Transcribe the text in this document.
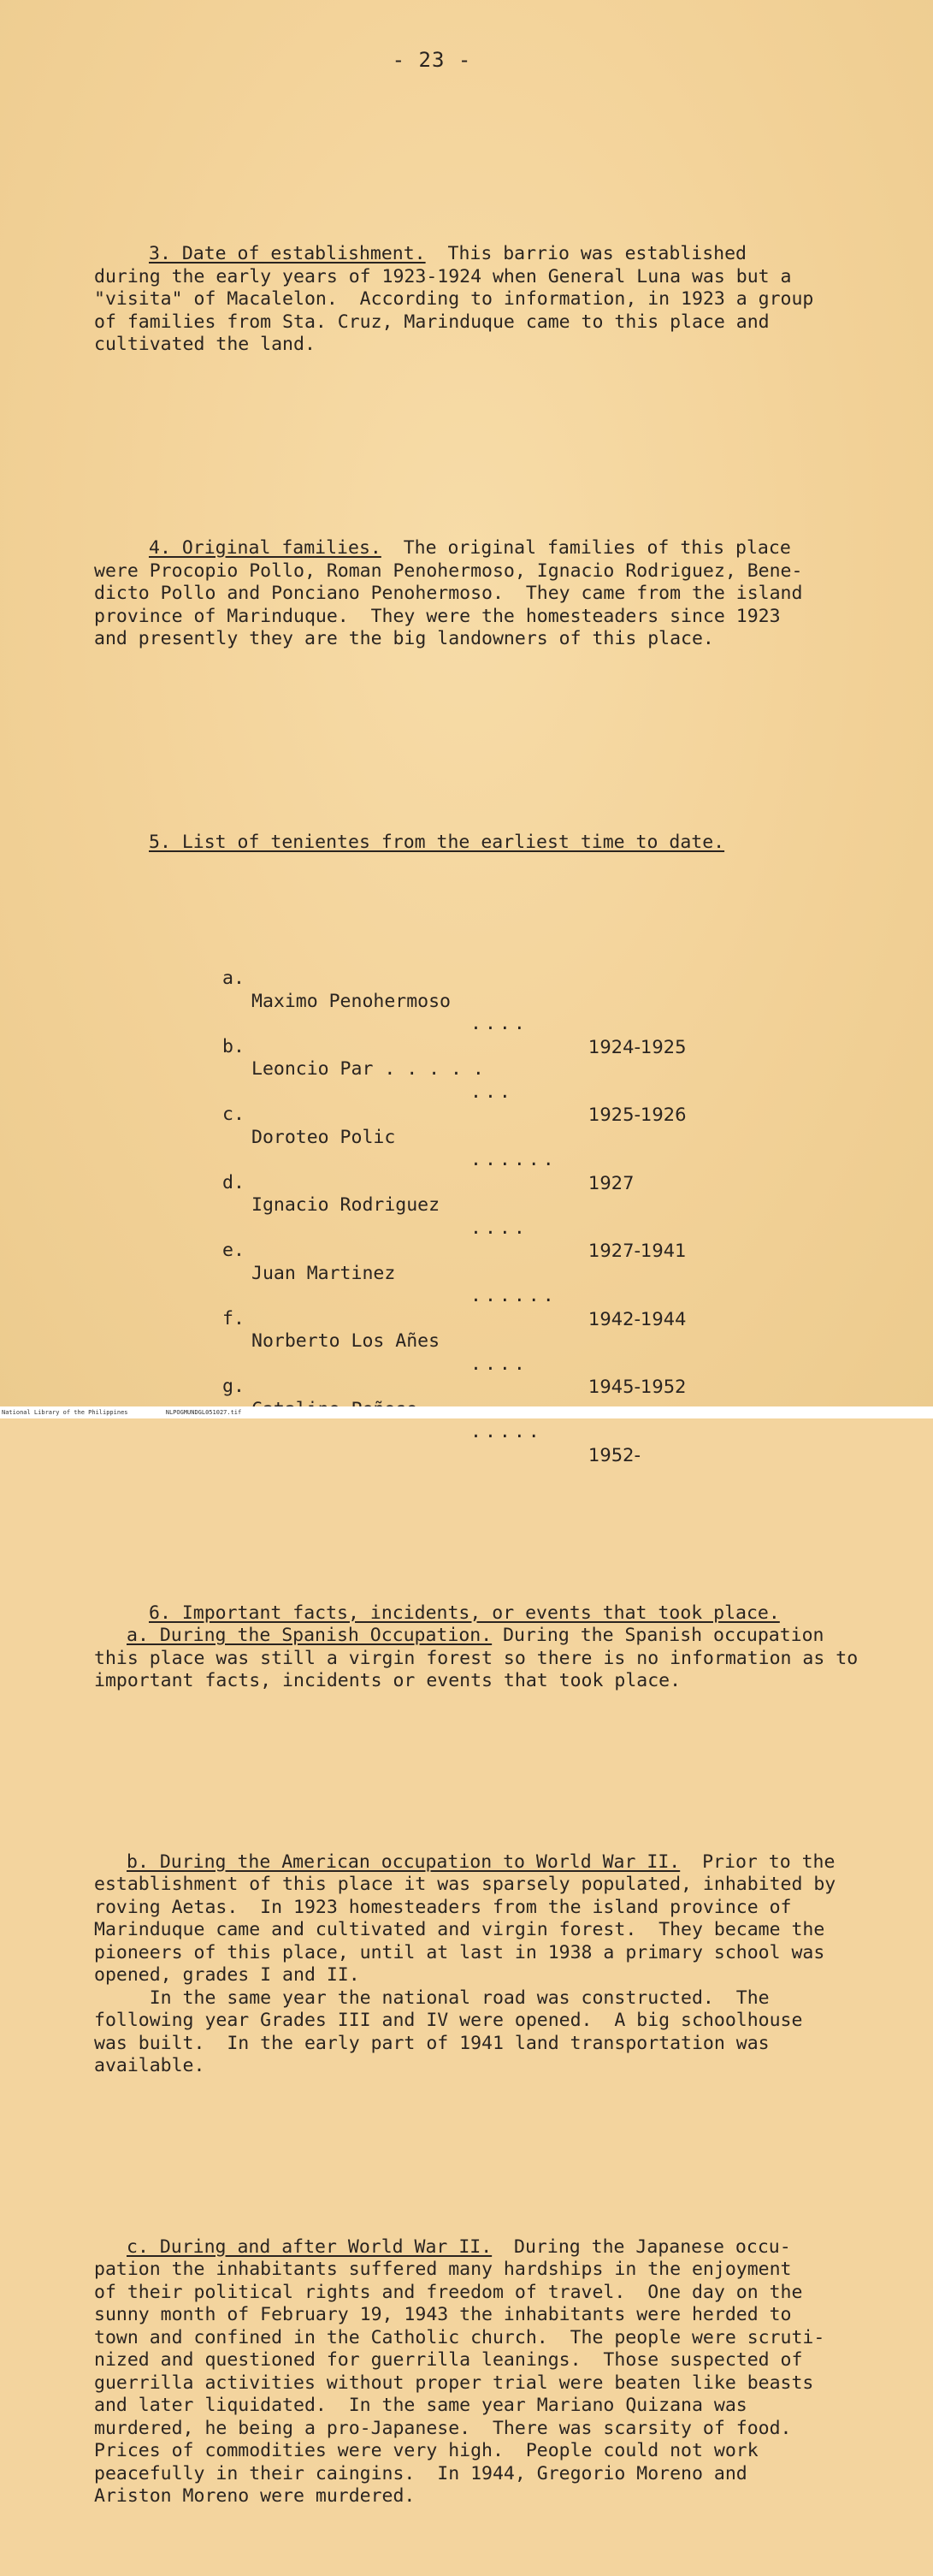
- 23 -

3. Date of establishment.  This barrio was established
during the early years of 1923-1924 when General Luna was but a
"visita" of Macalelon.  According to information, in 1923 a group
of families from Sta. Cruz, Marinduque came to this place and
cultivated the land.

4. Original families.  The original families of this place
were Procopio Pollo, Roman Penohermoso, Ignacio Rodriguez, Bene-
dicto Pollo and Ponciano Penohermoso.  They came from the island
province of Marinduque.  They were the homesteaders since 1923
and presently they are the big landowners of this place.

5. List of tenientes from the earliest time to date.

a.

Maximo Penohermoso

....

1924-1925

b.

Leoncio Par . . . . .

...

1925-1926

c.

Doroteo Polic

......

1927

d.

Ignacio Rodriguez

....

1927-1941

e.

Juan Martinez

......

1942-1944

f.

Norberto Los Añes

....

1945-1952

g.

.....

1952-

6. Important facts, incidents, or events that took place.
a. During the Spanish Occupation. During the Spanish occupation
this place was still a virgin forest so there is no information as to
important facts, incidents or events that took place.

b. During the American occupation to World War II.  Prior to the
establishment of this place it was sparsely populated, inhabited by
roving Aetas.  In 1923 homesteaders from the island province of
Marinduque came and cultivated and virgin forest.  They became the
pioneers of this place, until at last in 1938 a primary school was
opened, grades I and II.
In the same year the national road was constructed.  The
following year Grades III and IV were opened.  A big schoolhouse
was built.  In the early part of 1941 land transportation was
available.

c. During and after World War II.  During the Japanese occu-
pation the inhabitants suffered many hardships in the enjoyment
of their political rights and freedom of travel.  One day on the
sunny month of February 19, 1943 the inhabitants were herded to
town and confined in the Catholic church.  The people were scruti-
nized and questioned for guerrilla leanings.  Those suspected of
guerrilla activities without proper trial were beaten like beasts
and later liquidated.  In the same year Mariano Quizana was
murdered, he being a pro-Japanese.  There was scarsity of food.
Prices of commodities were very high.  People could not work
peacefully in their caingins.  In 1944, Gregorio Moreno and
Ariston Moreno were murdered.

National Library of the Philippines	NLPOGMUNDGL051027.tif
